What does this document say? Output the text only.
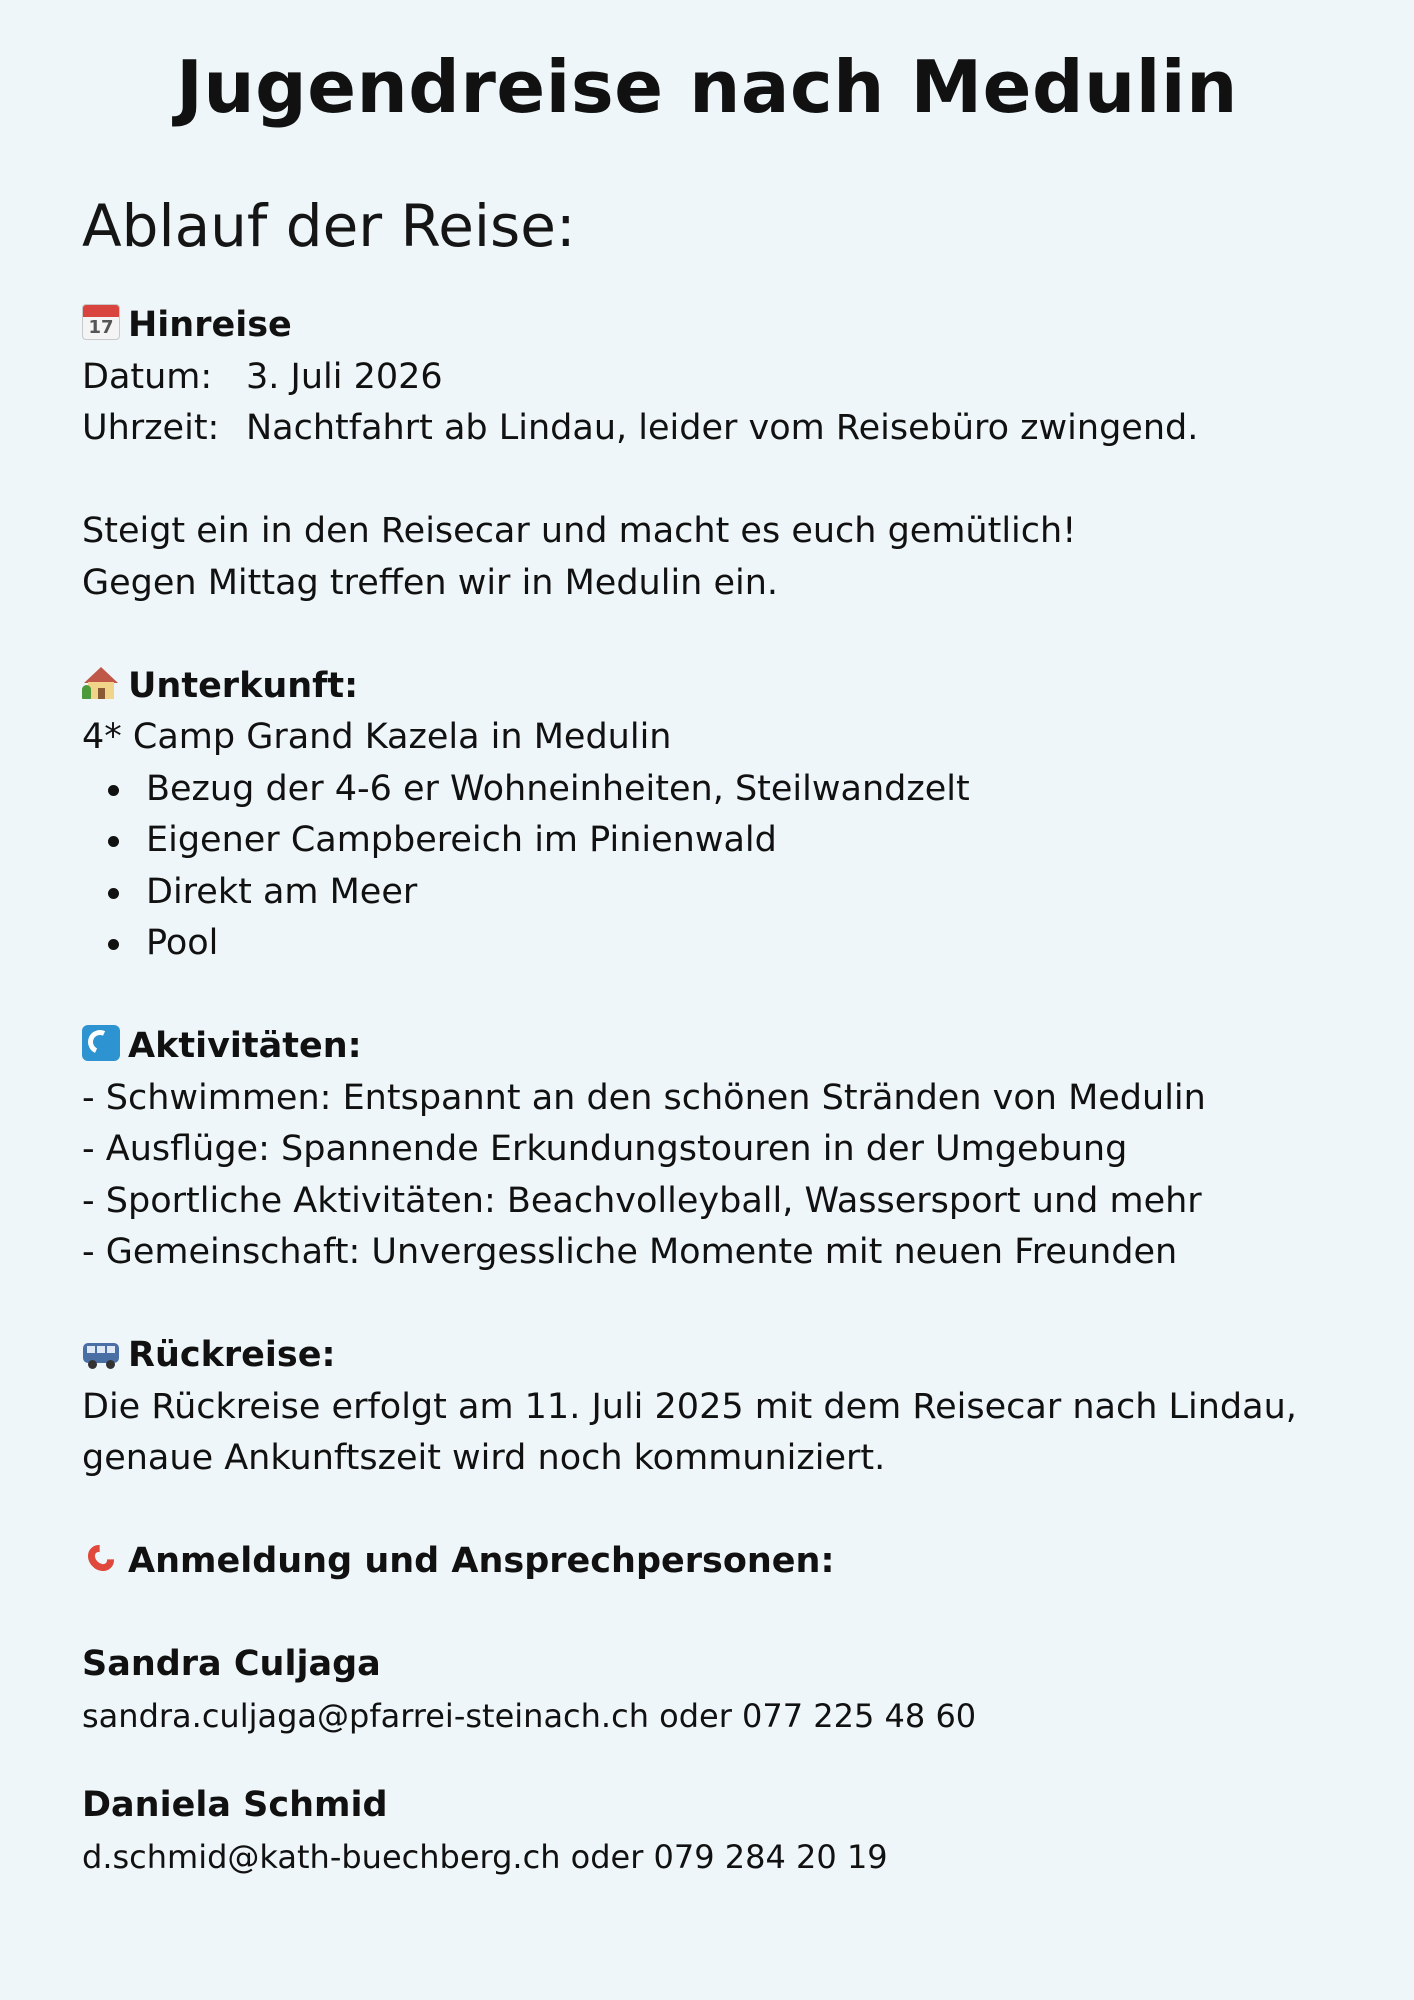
Jugendreise nach Medulin
Ablauf der Reise:
17 Hinreise
Datum: 3. Juli 2026
Uhrzeit: Nachtfahrt ab Lindau, leider vom Reisebüro zwingend.
Steigt ein in den Reisecar und macht es euch gemütlich!
Gegen Mittag treffen wir in Medulin ein.
Unterkunft:
4* Camp Grand Kazela in Medulin
Bezug der 4-6 er Wohneinheiten, Steilwandzelt
Eigener Campbereich im Pinienwald
Direkt am Meer
Pool
Aktivitäten:
- Schwimmen: Entspannt an den schönen Stränden von Medulin
- Ausflüge: Spannende Erkundungstouren in der Umgebung
- Sportliche Aktivitäten: Beachvolleyball, Wassersport und mehr
- Gemeinschaft: Unvergessliche Momente mit neuen Freunden
Rückreise:
Die Rückreise erfolgt am 11. Juli 2025 mit dem Reisecar nach Lindau,
genaue Ankunftszeit wird noch kommuniziert.
Anmeldung und Ansprechpersonen:
Sandra Culjaga
sandra.culjaga@pfarrei-steinach.ch oder 077 225 48 60
Daniela Schmid
d.schmid@kath-buechberg.ch oder 079 284 20 19
